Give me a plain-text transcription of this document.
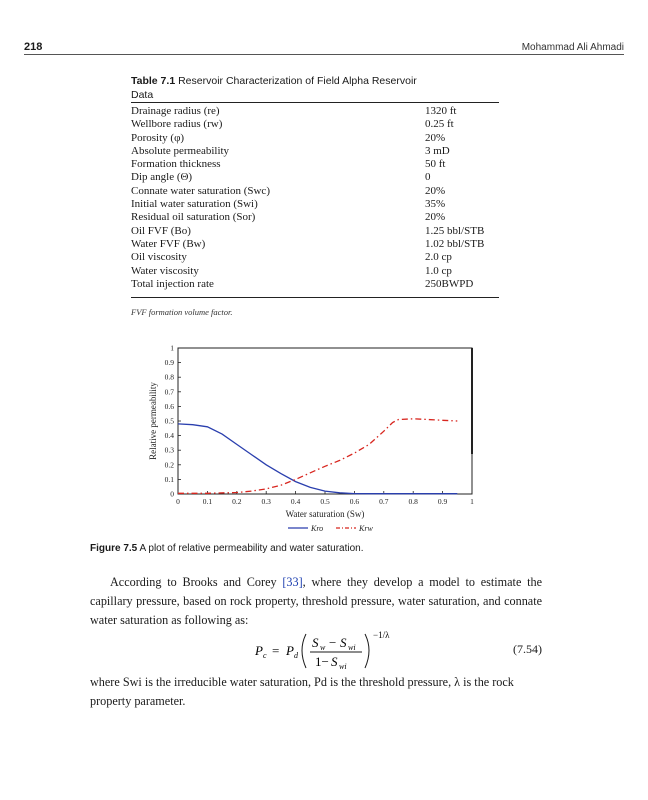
218	Mohammad Ali Ahmadi
Table 7.1 Reservoir Characterization of Field Alpha Reservoir Data
Drainage radius (re)	1320 ft
Wellbore radius (rw)	0.25 ft
Porosity (φ)	20%
Absolute permeability	3 mD
Formation thickness	50 ft
Dip angle (Θ)	0
Connate water saturation (Swc)	20%
Initial water saturation (Swi)	35%
Residual oil saturation (Sor)	20%
Oil FVF (Bo)	1.25 bbl/STB
Water FVF (Bw)	1.02 bbl/STB
Oil viscosity	2.0 cp
Water viscosity	1.0 cp
Total injection rate	250BWPD
FVF formation volume factor.
0	0.1	0.2	0.3	0.4	0.5	0.6	0.7	0.8	0.9	1
0
0.1
0.2
0.3
0.4
0.5
0.6
0.7
0.8
0.9
1
Water saturation (Sw)
Relative permeability
Kro	Krw
Figure 7.5 A plot of relative permeability and water saturation.
According to Brooks and Corey [33], where they develop a model to estimate the capillary pressure, based on rock property, threshold pressure, water saturation, and connate water saturation as following as:
P c = P d
S w − S wi
1− S wi
−1/λ
(7.54)
where Swi is the irreducible water saturation, Pd is the threshold pressure, λ is the rock property parameter.
